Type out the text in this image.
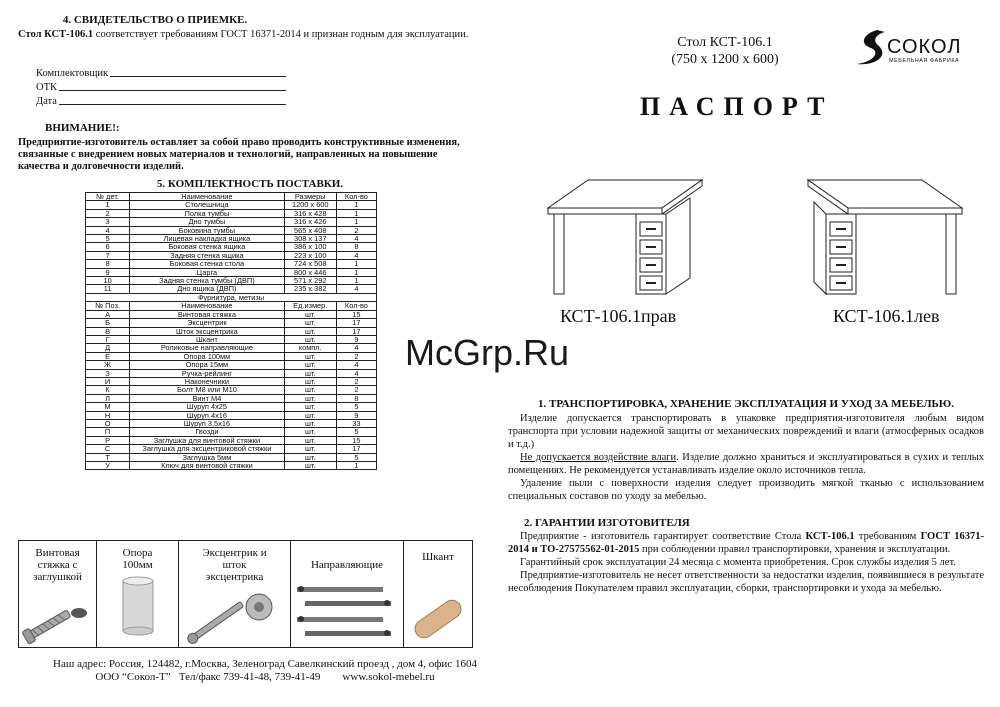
4. СВИДЕТЕЛЬСТВО О ПРИЕМКЕ.
Стол КСТ-106.1 соответствует требованиям ГОСТ 16371-2014 и признан годным для эксплуатации.
Комплектовщик
ОТК
Дата
ВНИМАНИЕ!:
Предприятие-изготовитель оставляет за собой право проводить конструктивные изменения, связанные с внедрением новых материалов и технологий, направленных на повышение качества и долговечности изделий.
5. КОМПЛЕКТНОСТЬ ПОСТАВКИ.
№ дет.	Наименование	Размеры	Кол-во
1	Столешница	1200 х 600	1
2	Полка тумбы	316 х 428	1
3	Дно тумбы	316 х 426	1
4	Боковина тумбы	565 х 408	2
5	Лицевая накладка ящика	308 х 137	4
6	Боковая стенка ящика	386 х 100	8
7	Задняя стенка ящика	223 х 100	4
8	Боковая стенка стола	724 х 508	1
9	Царга	800 х 446	1
10	Задняя стенка тумбы (ДВП)	571 х 292	1
11	Дно ящика (ДВП)	235 х 382	4
Фурнитура, метизы			
№ Поз.	Наименование	Ед.измер.	Кол-во
А	Винтовая стяжка	шт.	15
Б	Эксцентрик	шт.	17
В	Шток эксцентрика	шт.	17
Г	Шкант	шт.	9
Д	Роликовые направляющие	компл.	4
Е	Опора 100мм	шт.	2
Ж	Опора 15мм	шт.	4
З	Ручка-рейлинг	шт.	4
И	Наконечники	шт.	2
К	Болт М8 или М10	шт.	2
Л	Винт М4	шт.	8
М	Шуруп 4х25	шт.	5
Н	Шуруп 4х16	шт.	9
О	Шуруп 3,5х16	шт.	33
П	Гвозди	шт.	5
Р	Заглушка для винтовой стяжки	шт.	15
С	Заглушка для эксцентриковой стяжки	шт.	17
Т	Заглушка 5мм	шт.	5
У	Ключ для винтовой стяжки	шт.	1
Винтовая стяжка с заглушкой
Опора 100мм
Эксцентрик и шток эксцентрика
Направляющие
Шкант
Наш адрес: Россия, 124482, г.Москва, Зеленоград Савелкинский проезд , дом 4, офис 1604
ООО “Сокол-Т”   Тел/факс 739-41-48, 739-41-49        www.sokol-mebel.ru
Стол КСТ-106.1
(750 х 1200 х 600)
СОКОЛ
МЕБЕЛЬНАЯ ФАБРИКА
ПАСПОРТ
КСТ-106.1прав	КСТ-106.1лев
McGrp.Ru
1. ТРАНСПОРТИРОВКА, ХРАНЕНИЕ ЭКСПЛУАТАЦИЯ И УХОД ЗА МЕБЕЛЬЮ.

Изделие допускается транспортировать в упаковке предприятия-изготовителя любым видом транспорта при условии надежной защиты от механических повреждений и влаги (атмосферных осадков и т.д.)

Не допускается воздействие влаги. Изделие должно храниться и эксплуатироваться в сухих и теплых помещениях. Не рекомендуется устанавливать изделие около источников тепла.

Удаление пыли с поверхности изделия следует производить мягкой тканью с использованием специальных составов по уходу за мебелью.

2. ГАРАНТИИ ИЗГОТОВИТЕЛЯ

Предприятие - изготовитель гарантирует соответствие Стола КСТ-106.1 требованиям ГОСТ 16371-2014 и ТО-27575562-01-2015 при соблюдении правил транспортировки, хранения и эксплуатации.

Гарантийный срок эксплуатации 24 месяца с момента приобретения. Срок службы изделия 5 лет.

Предприятие-изготовитель не несет ответственности за недостатки изделия, появившиеся в результате несоблюдения Покупателем правил эксплуатации, сборки, транспортировки и ухода за мебелью.
